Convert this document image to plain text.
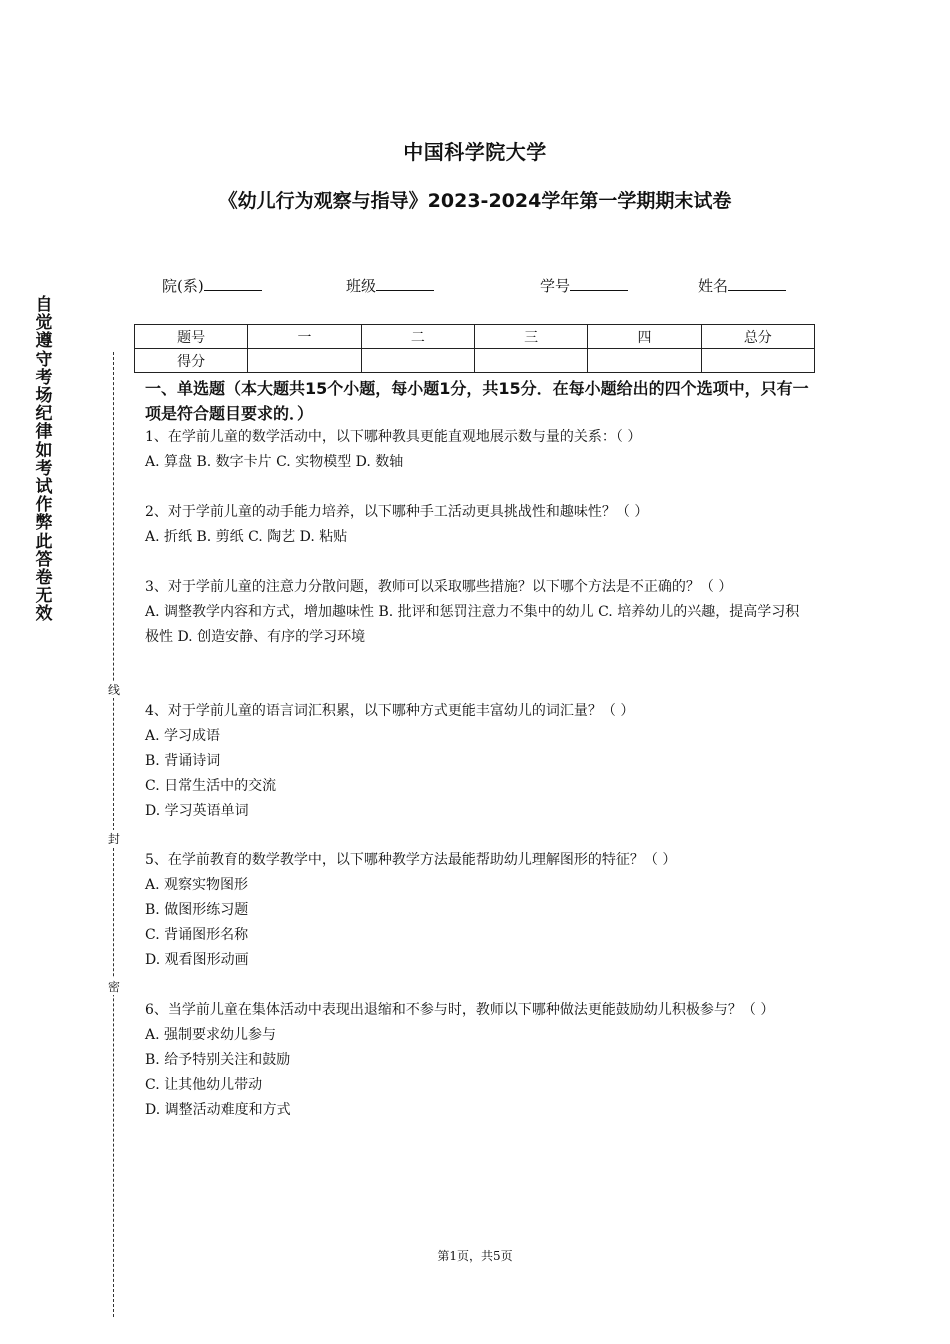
中国科学院大学
《幼儿行为观察与指导》2023-2024学年第一学期期末试卷
院(系)	班级	学号	姓名
题号	一	二	三	四	总分
得分					
自觉遵守考场纪律如考试作弊此答卷无效
线
封
密
一、单选题（本大题共15个小题，每小题1分，共15分．在每小题给出的四个选项中，只有一项是符合题目要求的．）

1、在学前儿童的数学活动中，以下哪种教具更能直观地展示数与量的关系：（ ）

A. 算盘 B. 数字卡片 C. 实物模型 D. 数轴

2、对于学前儿童的动手能力培养，以下哪种手工活动更具挑战性和趣味性？（ ）

A. 折纸 B. 剪纸 C. 陶艺 D. 粘贴

3、对于学前儿童的注意力分散问题，教师可以采取哪些措施？以下哪个方法是不正确的？（ ）

A. 调整教学内容和方式，增加趣味性 B. 批评和惩罚注意力不集中的幼儿 C. 培养幼儿的兴趣，提高学习积极性 D. 创造安静、有序的学习环境

4、对于学前儿童的语言词汇积累，以下哪种方式更能丰富幼儿的词汇量？（ ）

A. 学习成语

B. 背诵诗词

C. 日常生活中的交流

D. 学习英语单词

5、在学前教育的数学教学中，以下哪种教学方法最能帮助幼儿理解图形的特征？（ ）

A. 观察实物图形

B. 做图形练习题

C. 背诵图形名称

D. 观看图形动画

6、当学前儿童在集体活动中表现出退缩和不参与时，教师以下哪种做法更能鼓励幼儿积极参与？（ ）

A. 强制要求幼儿参与

B. 给予特别关注和鼓励

C. 让其他幼儿带动

D. 调整活动难度和方式

第1页，共5页
